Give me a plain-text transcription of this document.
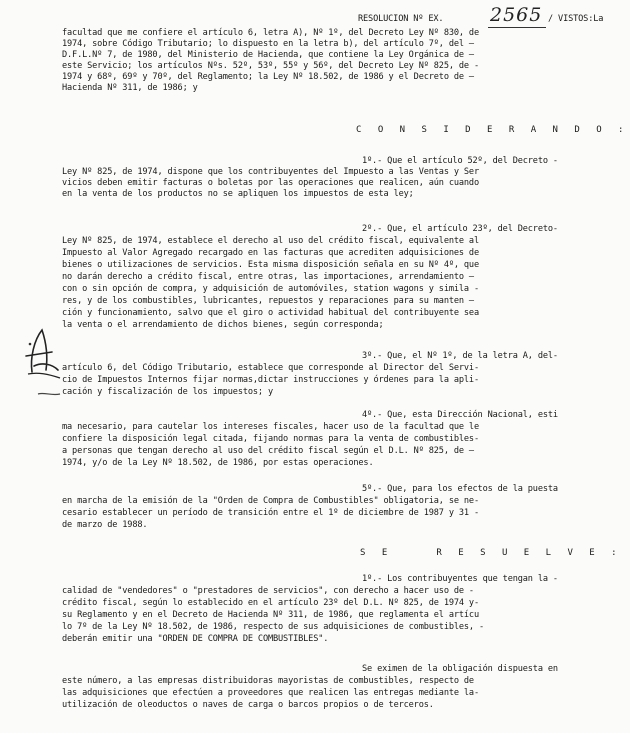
RESOLUCION Nº EX. 2565 / VISTOS:La
facultad que me confiere el artículo 6, letra A), Nº 1º, del Decreto Ley Nº 830, de
1974, sobre Código Tributario; lo dispuesto en la letra b), del artículo 7º, del —
D.F.L.Nº 7, de 1980, del Ministerio de Hacienda, que contiene la Ley Orgánica de —
este Servicio; los artículos Nºs. 52º, 53º, 55º y 56º, del Decreto Ley Nº 825, de -
1974 y 68º, 69º y 70º, del Reglamento; la Ley Nº 18.502, de 1986 y el Decreto de —
Hacienda Nº 311, de 1986; y
C O N S I D E R A N D O :
1º.- Que el artículo 52º, del Decreto -
Ley Nº 825, de 1974, dispone que los contribuyentes del Impuesto a las Ventas y Ser
vicios deben emitir facturas o boletas por las operaciones que realicen, aún cuando
en la venta de los productos no se apliquen los impuestos de esta ley;
2º.- Que, el artículo 23º, del Decreto-
Ley Nº 825, de 1974, establece el derecho al uso del crédito fiscal, equivalente al
Impuesto al Valor Agregado recargado en las facturas que acrediten adquisiciones de
bienes o utilizaciones de servicios. Esta misma disposición señala en su Nº 4º, que
no darán derecho a crédito fiscal, entre otras, las importaciones, arrendamiento —
con o sin opción de compra, y adquisición de automóviles, station wagons y simila -
res, y de los combustibles, lubricantes, repuestos y reparaciones para su manten —
ción y funcionamiento, salvo que el giro o actividad habitual del contribuyente sea
la venta o el arrendamiento de dichos bienes, según corresponda;
3º.- Que, el Nº 1º, de la letra A, del-
artículo 6, del Código Tributario, establece que corresponde al Director del Servi-
cio de Impuestos Internos fijar normas,dictar instrucciones y órdenes para la apli-
cación y fiscalización de los impuestos; y
4º.- Que, esta Dirección Nacional, esti
ma necesario, para cautelar los intereses fiscales, hacer uso de la facultad que le
confiere la disposición legal citada, fijando normas para la venta de combustibles-
a personas que tengan derecho al uso del crédito fiscal según el D.L. Nº 825, de —
1974, y/o de la Ley Nº 18.502, de 1986, por estas operaciones.
5º.- Que, para los efectos de la puesta
en marcha de la emisión de la "Orden de Compra de Combustibles" obligatoria, se ne-
cesario establecer un período de transición entre el 1º de diciembre de 1987 y 31 -
de marzo de 1988.
S E    R E S U E L V E :
1º.- Los contribuyentes que tengan la -
calidad de "vendedores" o "prestadores de servicios", con derecho a hacer uso de -
crédito fiscal, según lo establecido en el artículo 23º del D.L. Nº 825, de 1974 y-
su Reglamento y en el Decreto de Hacienda Nº 311, de 1986, que reglamenta el artícu
lo 7º de la Ley Nº 18.502, de 1986, respecto de sus adquisiciones de combustibles, -
deberán emitir una "ORDEN DE COMPRA DE COMBUSTIBLES".
Se eximen de la obligación dispuesta en
este número, a las empresas distribuidoras mayoristas de combustibles, respecto de
las adquisiciones que efectúen a proveedores que realicen las entregas mediante la-
utilización de oleoductos o naves de carga o barcos propios o de terceros.
